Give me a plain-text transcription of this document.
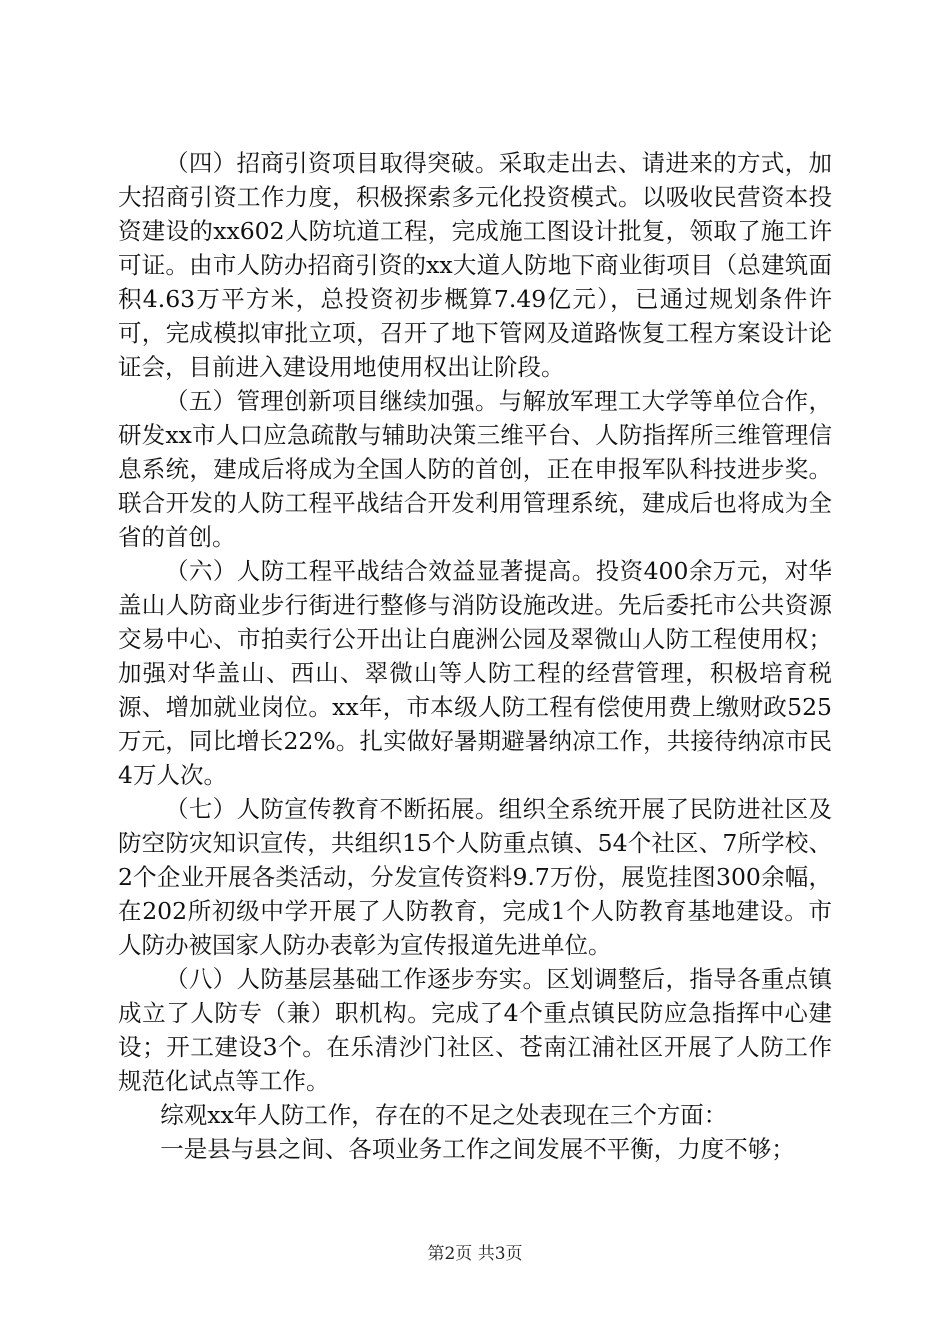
（四）招商引资项目取得突破。采取走出去、请进来的方式，加大招商引资工作力度，积极探索多元化投资模式。以吸收民营资本投资建设的xx602人防坑道工程，完成施工图设计批复，领取了施工许可证。由市人防办招商引资的xx大道人防地下商业街项目（总建筑面积4.63万平方米，总投资初步概算7.49亿元），已通过规划条件许可，完成模拟审批立项，召开了地下管网及道路恢复工程方案设计论证会，目前进入建设用地使用权出让阶段。

（五）管理创新项目继续加强。与解放军理工大学等单位合作，研发xx市人口应急疏散与辅助决策三维平台、人防指挥所三维管理信息系统，建成后将成为全国人防的首创，正在申报军队科技进步奖。联合开发的人防工程平战结合开发利用管理系统，建成后也将成为全省的首创。

（六）人防工程平战结合效益显著提高。投资400余万元，对华盖山人防商业步行街进行整修与消防设施改进。先后委托市公共资源交易中心、市拍卖行公开出让白鹿洲公园及翠微山人防工程使用权；加强对华盖山、西山、翠微山等人防工程的经营管理，积极培育税源、增加就业岗位。xx年，市本级人防工程有偿使用费上缴财政525万元，同比增长22%。扎实做好暑期避暑纳凉工作，共接待纳凉市民4万人次。

（七）人防宣传教育不断拓展。组织全系统开展了民防进社区及防空防灾知识宣传，共组织15个人防重点镇、54个社区、7所学校、2个企业开展各类活动，分发宣传资料9.7万份，展览挂图300余幅，在202所初级中学开展了人防教育，完成1个人防教育基地建设。市人防办被国家人防办表彰为宣传报道先进单位。

（八）人防基层基础工作逐步夯实。区划调整后，指导各重点镇成立了人防专（兼）职机构。完成了4个重点镇民防应急指挥中心建设；开工建设3个。在乐清沙门社区、苍南江浦社区开展了人防工作规范化试点等工作。

综观xx年人防工作，存在的不足之处表现在三个方面：

一是县与县之间、各项业务工作之间发展不平衡，力度不够；

第2页 共3页
